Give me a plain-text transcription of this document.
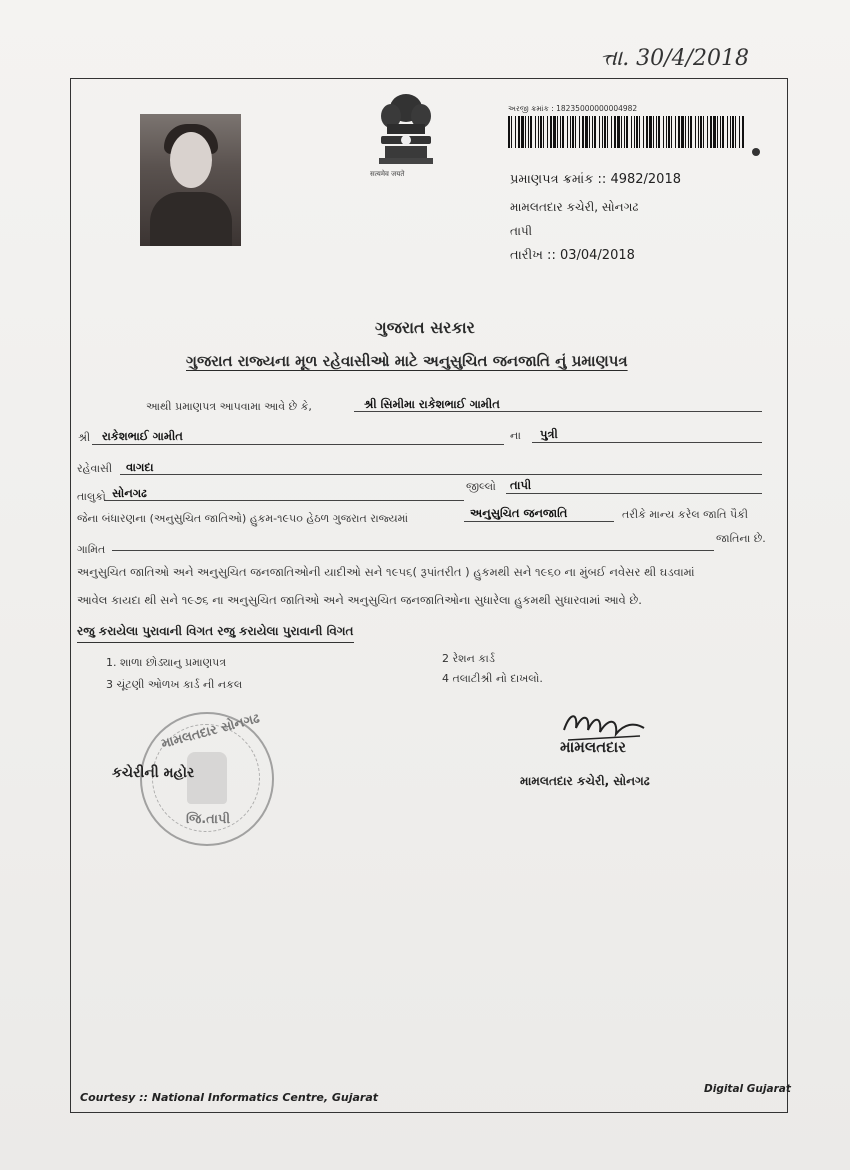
ત્તા. 30/4/2018
सत्यमेव जयते
અરજી ક્રમાંક : 18235000000004982
પ્રમાણપત્ર ક્રમાંક :: 4982/2018
મામલતદાર કચેરી, સોનગઢ
તાપી
તારીખ :: 03/04/2018
ગુજરાત સરકાર
ગુજરાત રાજ્યના મૂળ રહેવાસીઓ માટે અનુસુચિત જનજાતિ નું પ્રમાણપત્ર
આથી પ્રમાણપત્ર આપવામા આવે છે કે,	શ્રી સિમીમા રાકેશભાઈ ગામીત
શ્રી રાકેશભાઈ ગામીત	ના પુત્રી
રહેવાસી વાગદા
તાલુકો સોનગઢ	જીલ્લો તાપી
જેના બંધારણના (અનુસુચિત જાતિઓ) હુકમ-૧૯૫૦ હેઠળ ગુજરાત રાજ્યમાં	અનુસુચિત જનજાતિ	તરીકે માન્ય કરેલ જાતિ પૈકી
જાતિના છે.
ગામિત
અનુસુચિત જાતિઓ અને અનુસુચિત જનજાતિઓની યાદીઓ સને ૧૯૫૬( રૂપાંતરીત ) હુકમથી સને ૧૯૬૦ ના મુંબઈ નવેસર થી ઘડવામાં
આવેલ કાયદા થી સને ૧૯૭૬ ના અનુસુચિત જાતિઓ અને અનુસુચિત જનજાતિઓના સુધારેલા હુકમથી સુધારવામાં આવે છે.
રજુ કરાયેલા પુરાવાની વિગત રજુ કરાયેલા પુરાવાની વિગત
1. શાળા છોડ્યાનુ પ્રમાણપત્ર	2 રેશન કાર્ડ
3 ચૂંટણી ઓળખ કાર્ડ ની નકલ	4 તલાટીશ્રી નો દાખલો.
મામલતદાર સોનગઢ
જિ.તાપી
કચેરીની મહોર
મામલતદાર
મામલતદાર કચેરી, સોનગઢ
Digital Gujarat
Courtesy :: National Informatics Centre, Gujarat
